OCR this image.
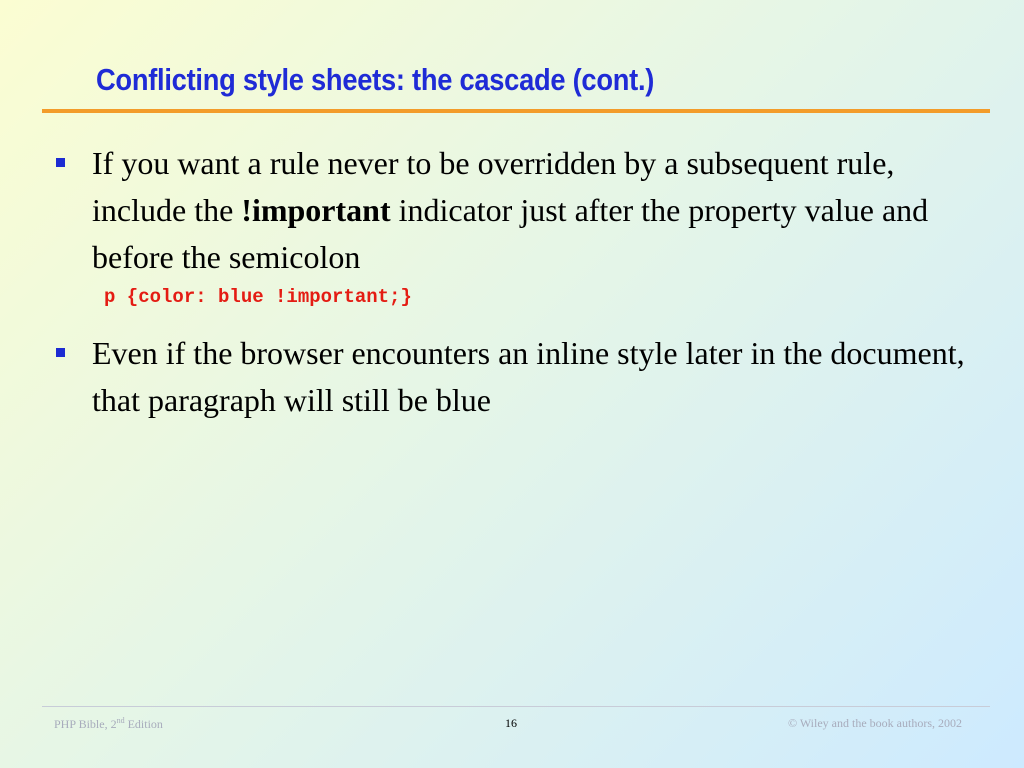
Conflicting style sheets: the cascade (cont.)

If you want a rule never to be overridden by a subsequent rule, include the !important indicator just after the property value and before the semicolon

p {color: blue !important;}

Even if the browser encounters an inline style later in the document, that paragraph will still be blue

PHP Bible, 2nd Edition	16	© Wiley and the book authors, 2002
